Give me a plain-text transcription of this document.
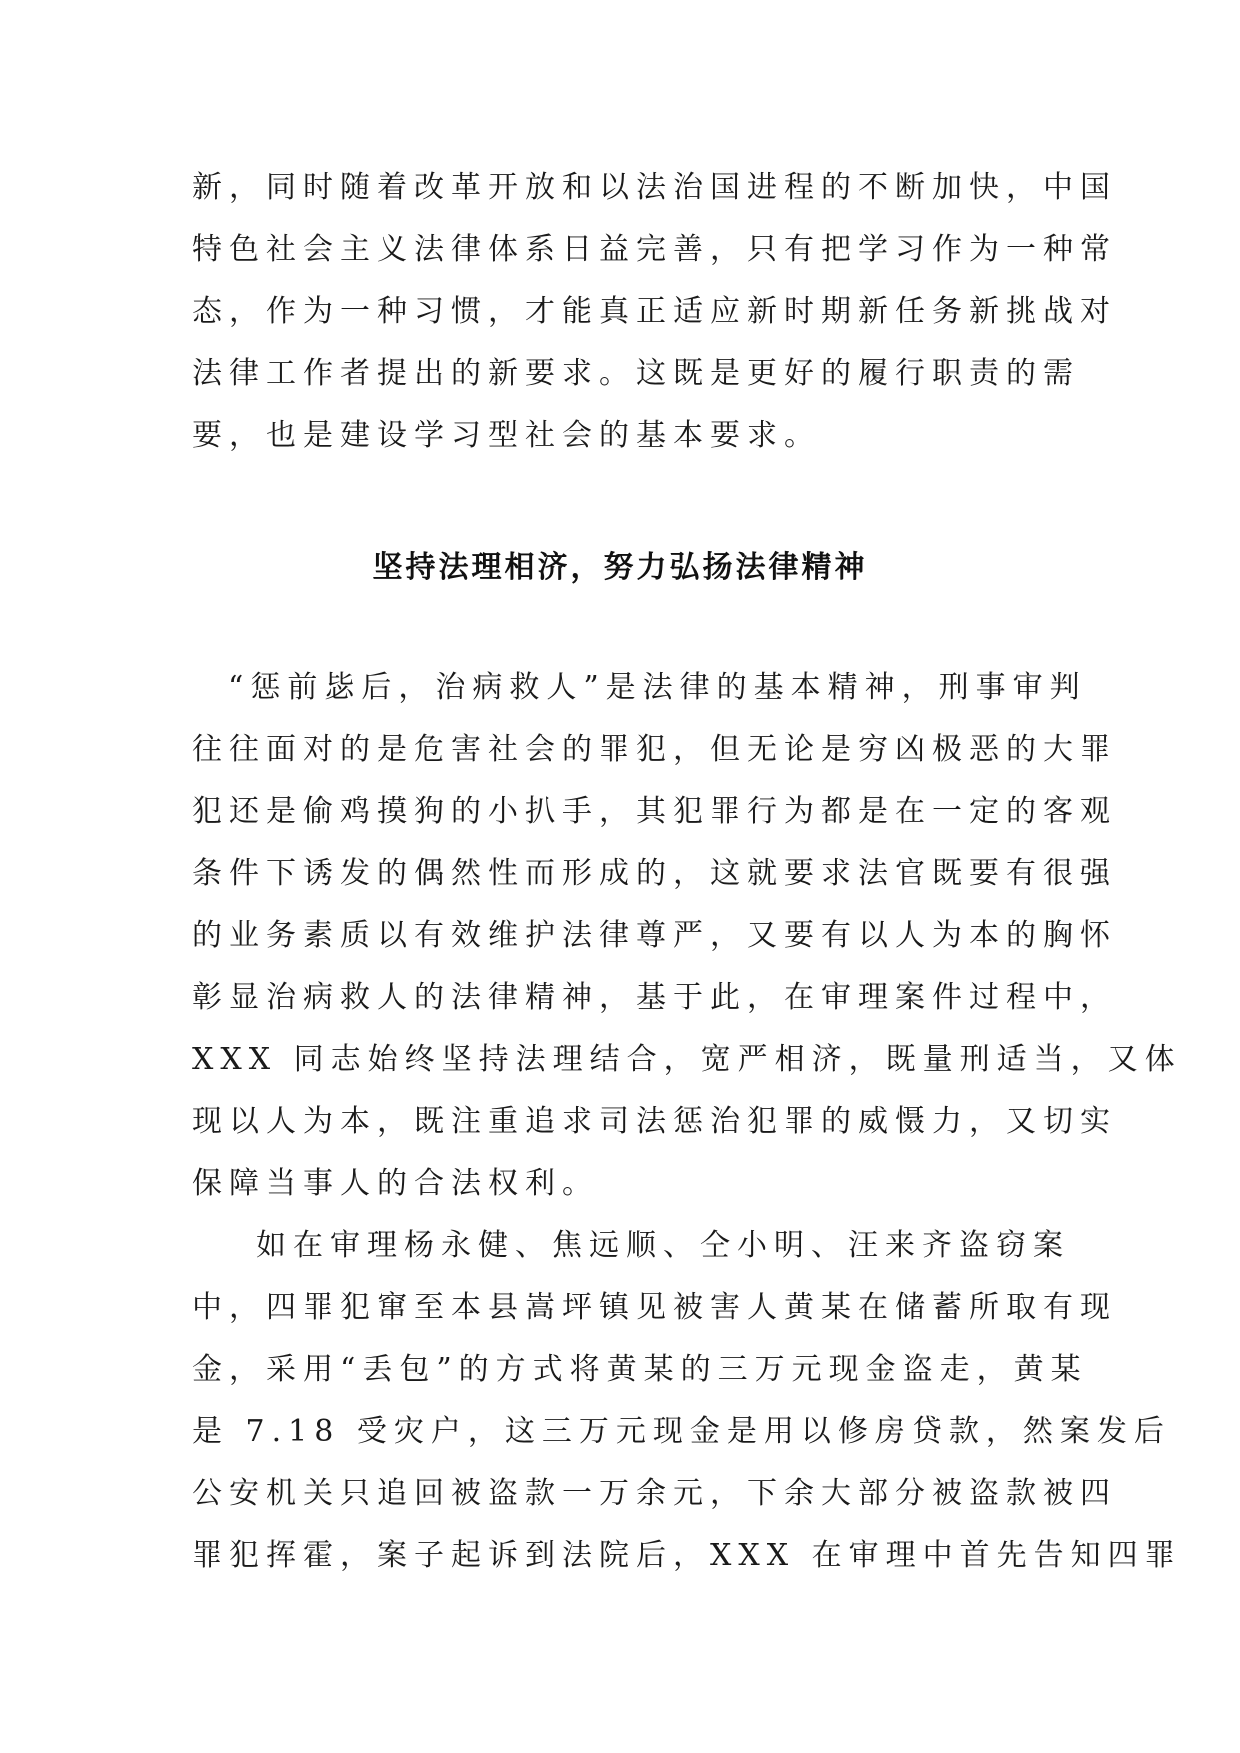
新，同时随着改革开放和以法治国进程的不断加快，中国
特色社会主义法律体系日益完善，只有把学习作为一种常
态，作为一种习惯，才能真正适应新时期新任务新挑战对
法律工作者提出的新要求。这既是更好的履行职责的需
要，也是建设学习型社会的基本要求。
坚持法理相济，努力弘扬法律精神
“惩前毖后，治病救人”是法律的基本精神，刑事审判
往往面对的是危害社会的罪犯，但无论是穷凶极恶的大罪
犯还是偷鸡摸狗的小扒手，其犯罪行为都是在一定的客观
条件下诱发的偶然性而形成的，这就要求法官既要有很强
的业务素质以有效维护法律尊严，又要有以人为本的胸怀
彰显治病救人的法律精神，基于此，在审理案件过程中，
XXX 同志始终坚持法理结合，宽严相济，既量刑适当，又体
现以人为本，既注重追求司法惩治犯罪的威慑力，又切实
保障当事人的合法权利。
如在审理杨永健、焦远顺、仝小明、汪来齐盗窃案
中，四罪犯窜至本县嵩坪镇见被害人黄某在储蓄所取有现
金，采用“丢包”的方式将黄某的三万元现金盗走，黄某
是 7.18 受灾户，这三万元现金是用以修房贷款，然案发后
公安机关只追回被盗款一万余元，下余大部分被盗款被四
罪犯挥霍，案子起诉到法院后，XXX 在审理中首先告知四罪
